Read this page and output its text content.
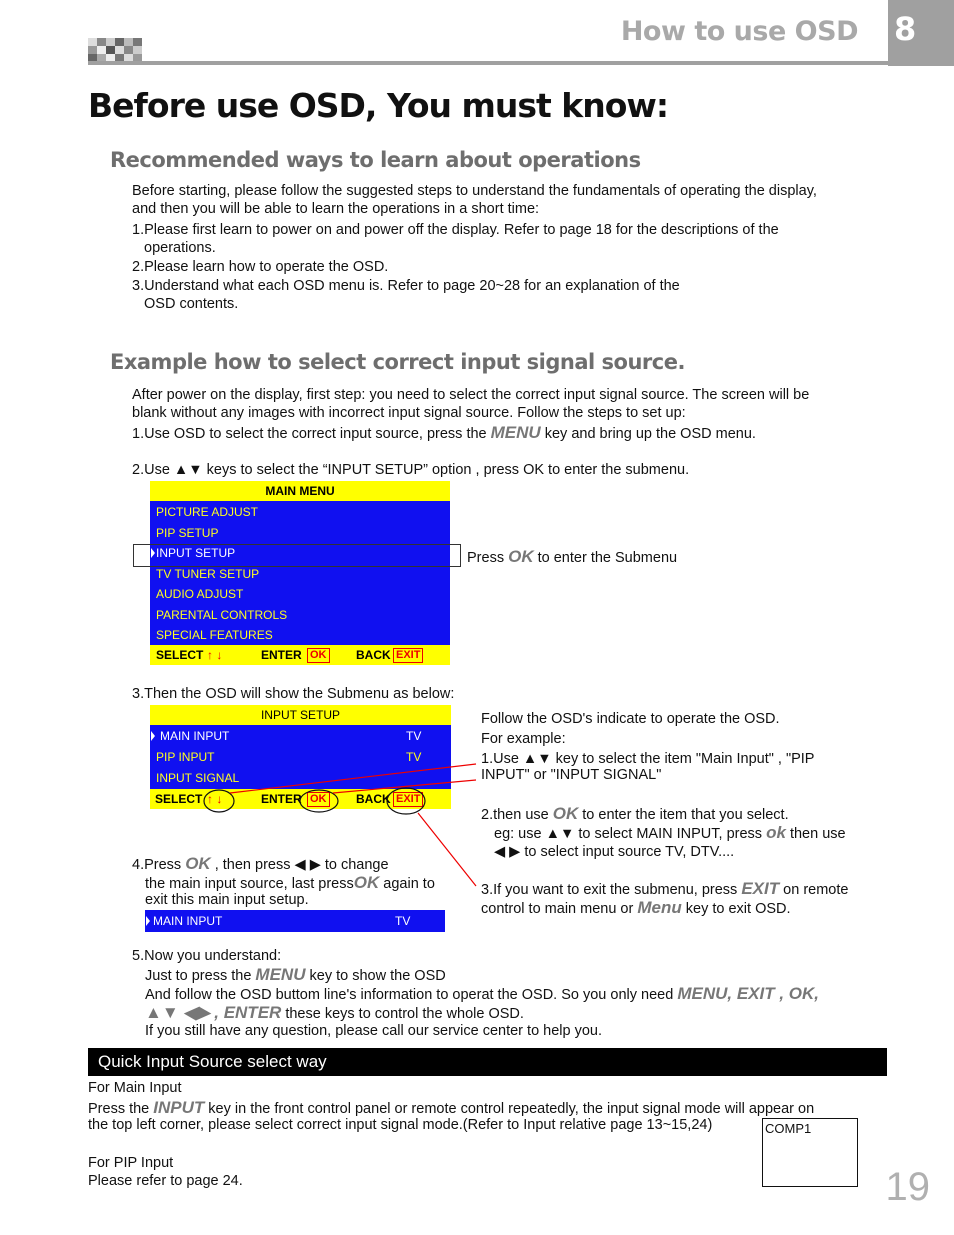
How to use OSD 8
Before use OSD, You must know:
Recommended ways to learn about operations
Before starting, please follow the suggested steps to understand the fundamentals of operating the display,
and then you will be able to learn the operations in a short time:
1.Please first learn to power on and power off the display. Refer to page 18 for the descriptions of the
operations.
2.Please learn how to operate the OSD.
3.Understand what each OSD menu is. Refer to page 20~28 for an explanation of the
OSD contents.
Example how to select correct input signal source.
After power on the display, first step: you need to select the correct input signal source. The screen will be
blank without any images with incorrect input signal source. Follow the steps to set up:
1.Use OSD to select the correct input source, press the MENU key and bring up the OSD menu.
2.Use ▲▼ keys to select the “INPUT SETUP” option , press OK to enter the submenu.
MAIN MENU
PICTURE ADJUST
PIP SETUP
INPUT SETUP
TV TUNER SETUP
AUDIO ADJUST
PARENTAL CONTROLS
SPECIAL FEATURES
SELECT ↑ ↓	ENTER OK BACK EXIT
Press OK to enter the Submenu
3.Then the OSD will show the Submenu as below:
INPUT SETUP
MAIN INPUT	TV
PIP INPUT	TV
INPUT SIGNAL
SELECT ↑ ↓	ENTER OK BACK EXIT
Follow the OSD's indicate to operate the OSD.
For example:
1.Use ▲▼ key to select the item "Main Input" , "PIP
INPUT" or "INPUT SIGNAL"
2.then use OK to enter the item that you select.
eg: use ▲▼ to select MAIN INPUT, press ok then use
◀ ▶ to select input source TV, DTV....
3.If you want to exit the submenu, press EXIT on remote
control to main menu or Menu key to exit OSD.
4.Press OK , then press ◀ ▶ to change
the main input source, last pressOK again to
exit this main input setup.
MAIN INPUT	TV
5.Now you understand:
Just to press the MENU key to show the OSD
And follow the OSD buttom line's information to operat the OSD. So you only need MENU, EXIT , OK,
▲▼ ◀▶ , ENTER these keys to control the whole OSD.
If you still have any question, please call our service center to help you.
Quick Input Source select way
For Main Input
Press the INPUT key in the front control panel or remote control repeatedly, the input signal mode will appear on
the top left corner, please select correct input signal mode.(Refer to Input relative page 13~15,24)	COMP1
For PIP Input
Please refer to page 24.	19
